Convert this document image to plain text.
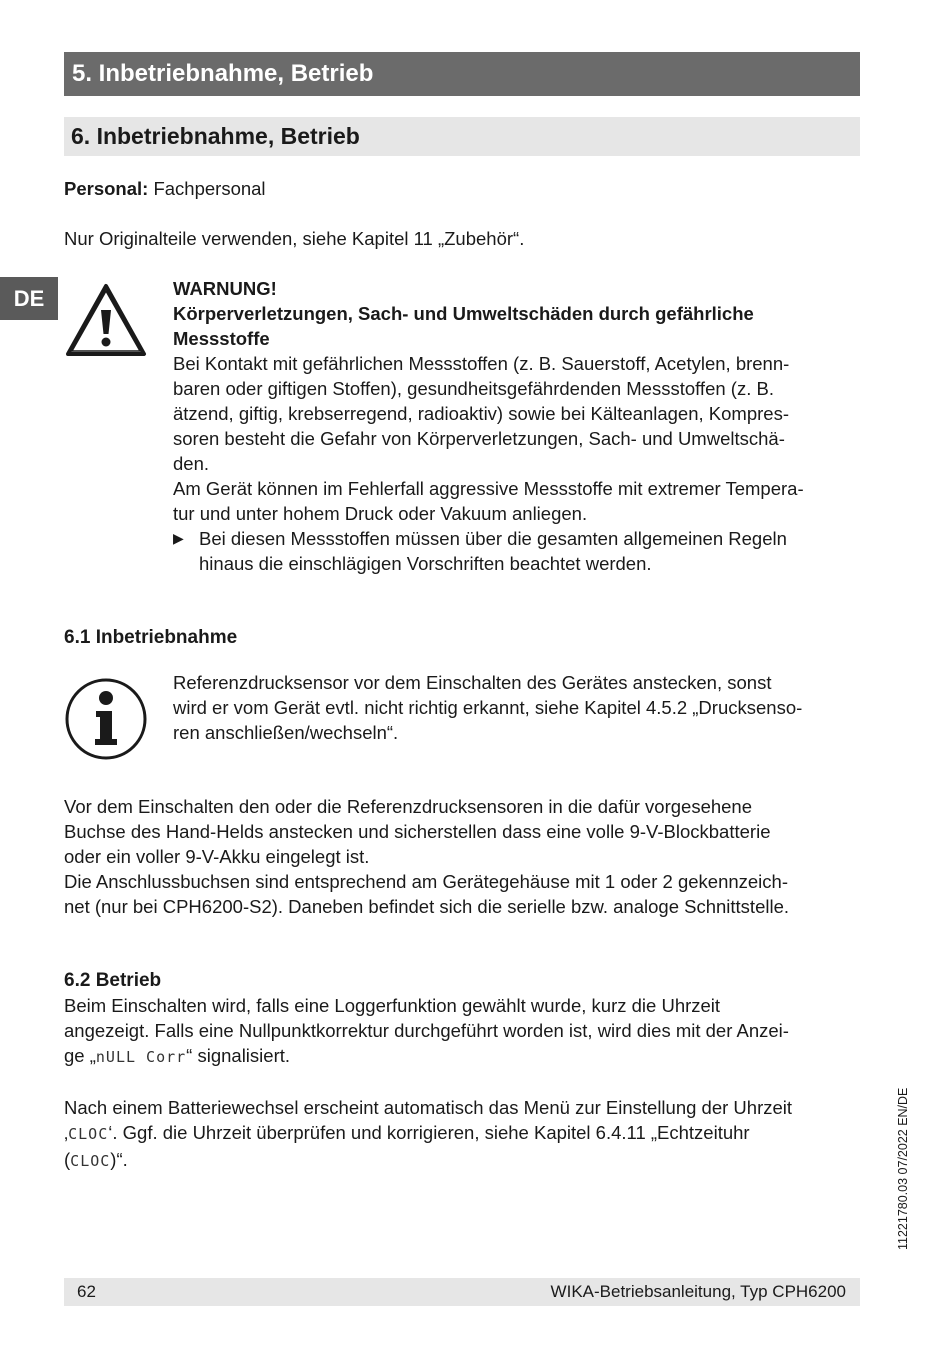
5. Inbetriebnahme, Betrieb
6. Inbetriebnahme, Betrieb
Personal: Fachpersonal
Nur Originalteile verwenden, siehe Kapitel 11 „Zubehör“.
DE	WARNUNG!
Körperverletzungen, Sach- und Umweltschäden durch gefährliche
Messstoffe
Bei Kontakt mit gefährlichen Messstoffen (z. B. Sauerstoff, Acetylen, brenn-
baren oder giftigen Stoffen), gesundheitsgefährdenden Messstoffen (z. B.
ätzend, giftig, krebserregend, radioaktiv) sowie bei Kälteanlagen, Kompres-
soren besteht die Gefahr von Körperverletzungen, Sach- und Umweltschä-
den.
Am Gerät können im Fehlerfall aggressive Messstoffe mit extremer Tempera-
tur und unter hohem Druck oder Vakuum anliegen.
▶ Bei diesen Messstoffen müssen über die gesamten allgemeinen Regeln
hinaus die einschlägigen Vorschriften beachtet werden.
6.1 Inbetriebnahme
Referenzdrucksensor vor dem Einschalten des Gerätes anstecken, sonst
wird er vom Gerät evtl. nicht richtig erkannt, siehe Kapitel 4.5.2 „Drucksenso-
ren anschließen/wechseln“.
Vor dem Einschalten den oder die Referenzdrucksensoren in die dafür vorgesehene
Buchse des Hand-Helds anstecken und sicherstellen dass eine volle 9-V-Blockbatterie
oder ein voller 9-V-Akku eingelegt ist.
Die Anschlussbuchsen sind entsprechend am Gerätegehäuse mit 1 oder 2 gekennzeich-
net (nur bei CPH6200-S2). Daneben befindet sich die serielle bzw. analoge Schnittstelle.
6.2 Betrieb
Beim Einschalten wird, falls eine Loggerfunktion gewählt wurde, kurz die Uhrzeit
angezeigt. Falls eine Nullpunktkorrektur durchgeführt worden ist, wird dies mit der Anzei-
ge „nULL Corr“ signalisiert.
Nach einem Batteriewechsel erscheint automatisch das Menü zur Einstellung der Uhrzeit
‚CLOC‘. Ggf. die Uhrzeit überprüfen und korrigieren, siehe Kapitel 6.4.11 „Echtzeituhr
(CLOC)“.	11221780.03 07/2022 EN/DE
62	WIKA-Betriebsanleitung, Typ CPH6200
